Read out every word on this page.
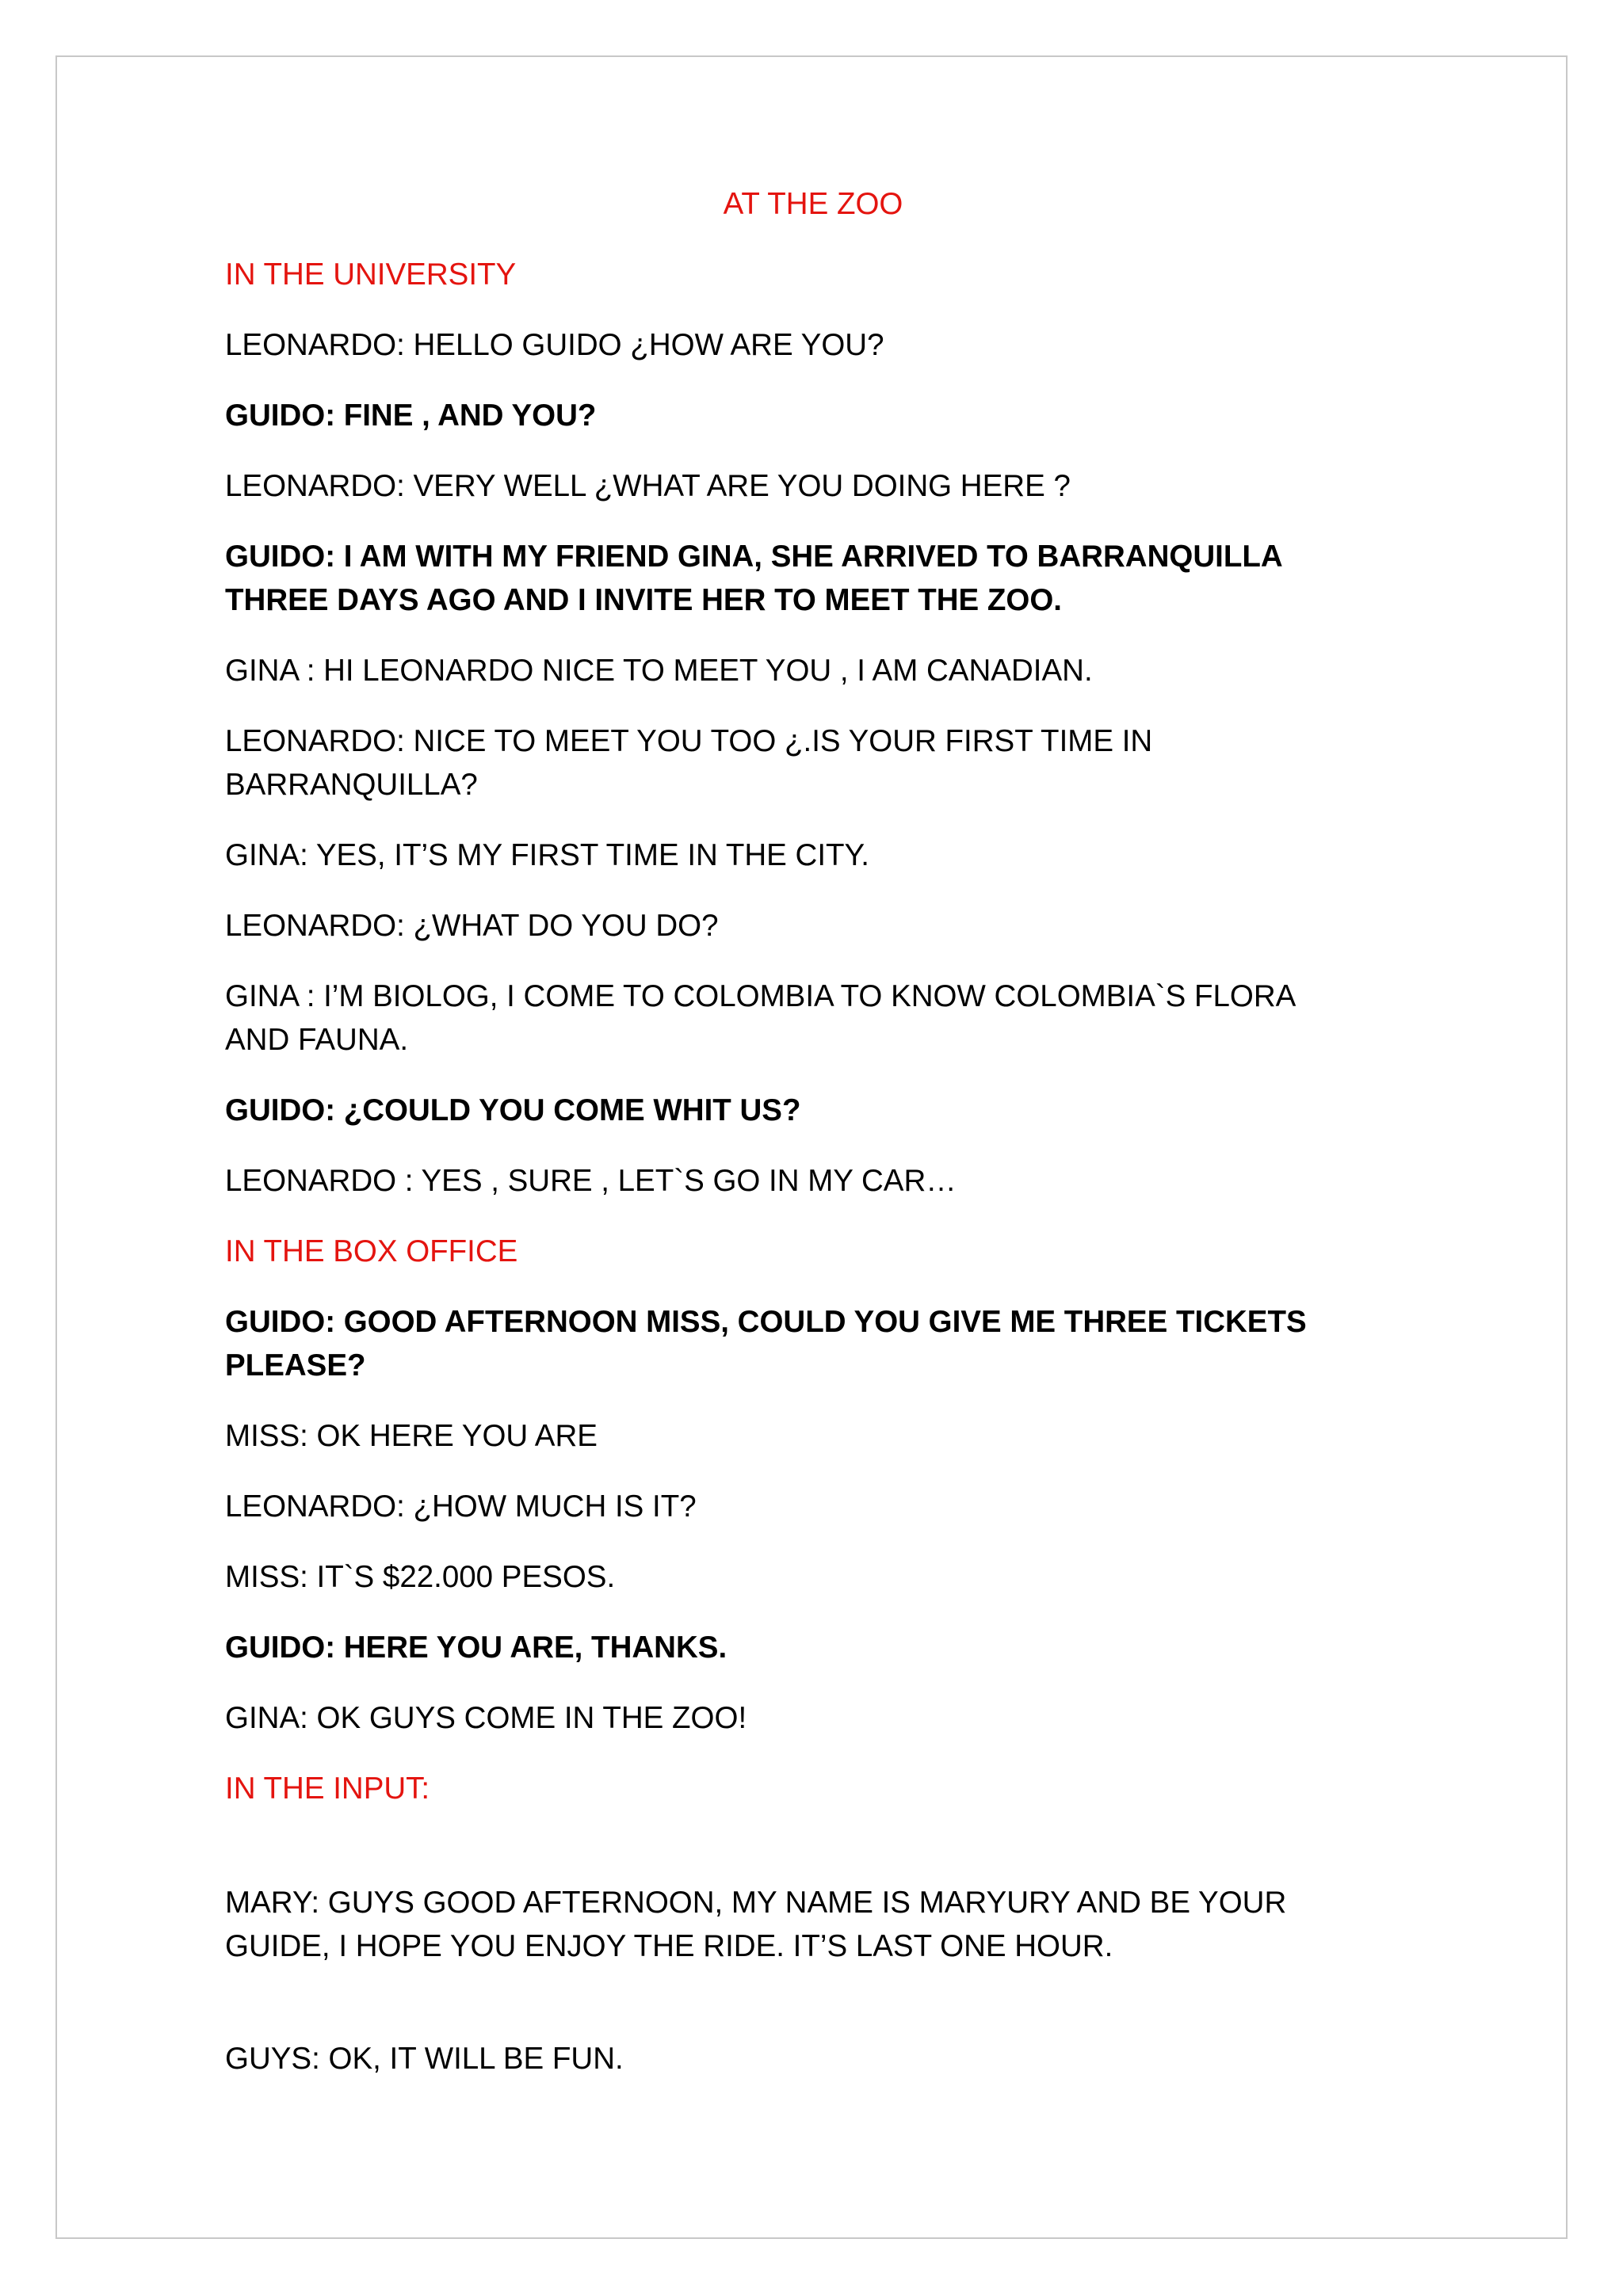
AT THE ZOO

IN THE UNIVERSITY

LEONARDO: HELLO GUIDO ¿HOW ARE YOU?

GUIDO: FINE , AND YOU?

LEONARDO: VERY WELL ¿WHAT ARE YOU DOING HERE ?

GUIDO: I AM WITH MY FRIEND GINA, SHE ARRIVED TO BARRANQUILLA

THREE DAYS AGO AND I INVITE HER TO MEET THE ZOO.

GINA : HI LEONARDO NICE TO MEET YOU , I AM CANADIAN.

LEONARDO: NICE TO MEET YOU TOO ¿.IS YOUR FIRST TIME IN

BARRANQUILLA?

GINA: YES, IT’S MY FIRST TIME IN THE CITY.

LEONARDO: ¿WHAT DO YOU DO?

GINA : I’M BIOLOG, I COME TO COLOMBIA TO KNOW COLOMBIA`S FLORA

AND FAUNA.

GUIDO: ¿COULD YOU COME WHIT US?

LEONARDO : YES , SURE , LET`S GO IN MY CAR…

IN THE BOX OFFICE

GUIDO: GOOD AFTERNOON MISS, COULD YOU GIVE ME THREE TICKETS

PLEASE?

MISS: OK HERE YOU ARE

LEONARDO: ¿HOW MUCH IS IT?

MISS: IT`S $22.000 PESOS.

GUIDO: HERE YOU ARE, THANKS.

GINA: OK GUYS COME IN THE ZOO!

IN THE INPUT:

MARY: GUYS GOOD AFTERNOON, MY NAME IS MARYURY AND BE YOUR

GUIDE, I HOPE YOU ENJOY THE RIDE. IT’S LAST ONE HOUR.

GUYS: OK, IT WILL BE FUN.
